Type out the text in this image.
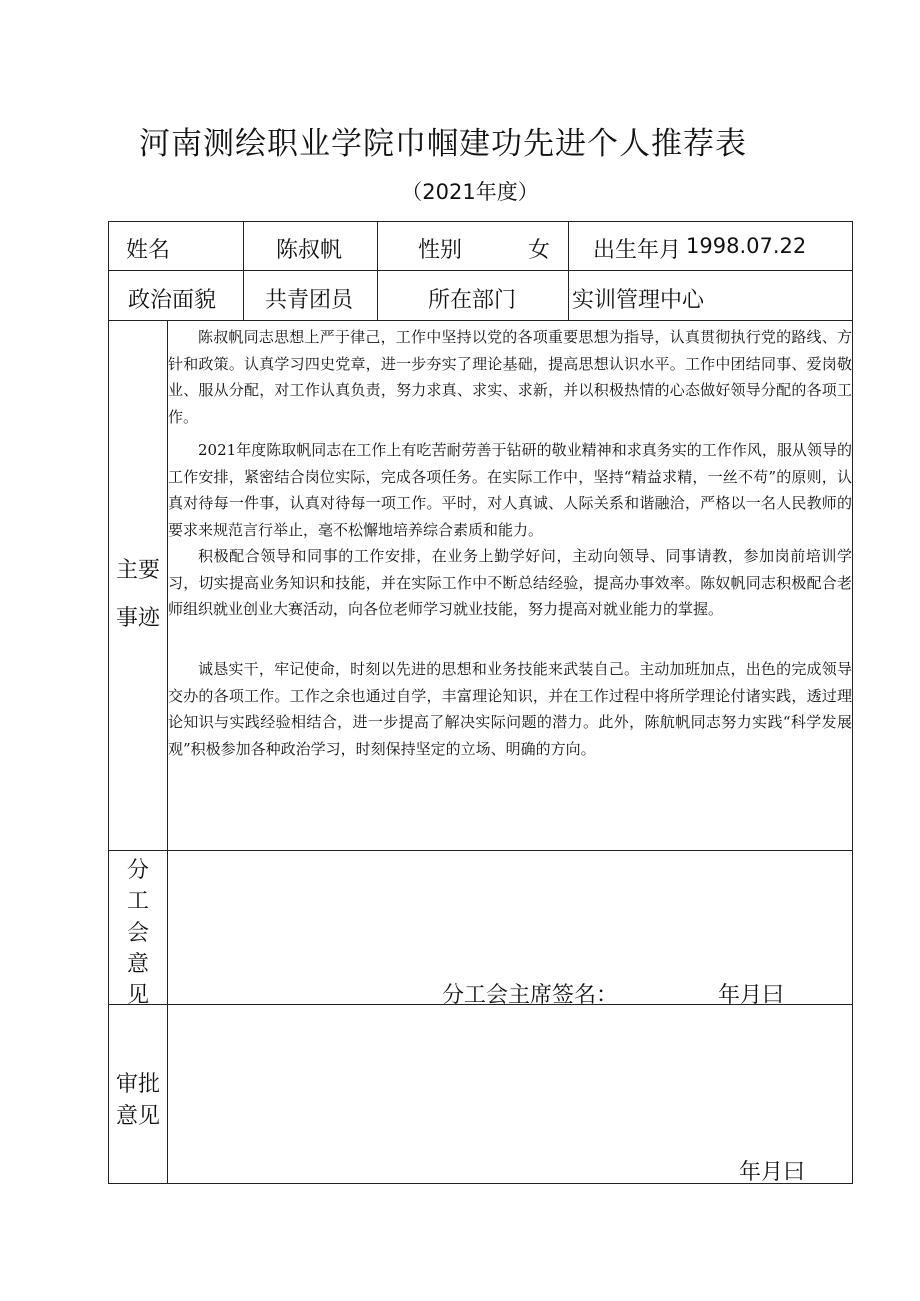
河南测绘职业学院巾帼建功先进个人推荐表
（2021年度）
姓名	陈叔帆	性别	女 出生年月 1998.07.22
政治面貌 共青团员	所在部门	实训管理中心
主要
事迹
陈叔帆同志思想上严于律己，工作中坚持以党的各项重要思想为指导，认真贯彻执行党的路线、方针和政策。认真学习四史党章，进一步夯实了理论基础，提高思想认识水平。工作中团结同事、爱岗敬业、服从分配，对工作认真负责，努力求真、求实、求新，并以积极热情的心态做好领导分配的各项工作。
2021年度陈取帆同志在工作上有吃苦耐劳善于钻研的敬业精神和求真务实的工作作风，服从领导的工作安排，紧密结合岗位实际，完成各项任务。在实际工作中，坚持“精益求精，一丝不苟”的原则，认真对待每一件事，认真对待每一项工作。平时，对人真诚、人际关系和谐融洽，严格以一名人民教师的要求来规范言行举止，毫不松懈地培养综合素质和能力。
积极配合领导和同事的工作安排，在业务上勤学好问，主动向领导、同事请教，参加岗前培训学习，切实提高业务知识和技能，并在实际工作中不断总结经验，提高办事效率。陈奴帆同志积极配合老师组织就业创业大赛活动，向各位老师学习就业技能，努力提高对就业能力的掌握。
诚恳实干，牢记使命，时刻以先进的思想和业务技能来武装自己。主动加班加点，出色的完成领导交办的各项工作。工作之余也通过自学，丰富理论知识，并在工作过程中将所学理论付诸实践，透过理论知识与实践经验相结合，进一步提高了解决实际问题的潜力。此外，陈航帆同志努力实践“科学发展观”积极参加各种政治学习，时刻保持坚定的立场、明确的方向。
分
工
会
意
见	分工会主席签名：	年月曰
审批
意见
年月曰
